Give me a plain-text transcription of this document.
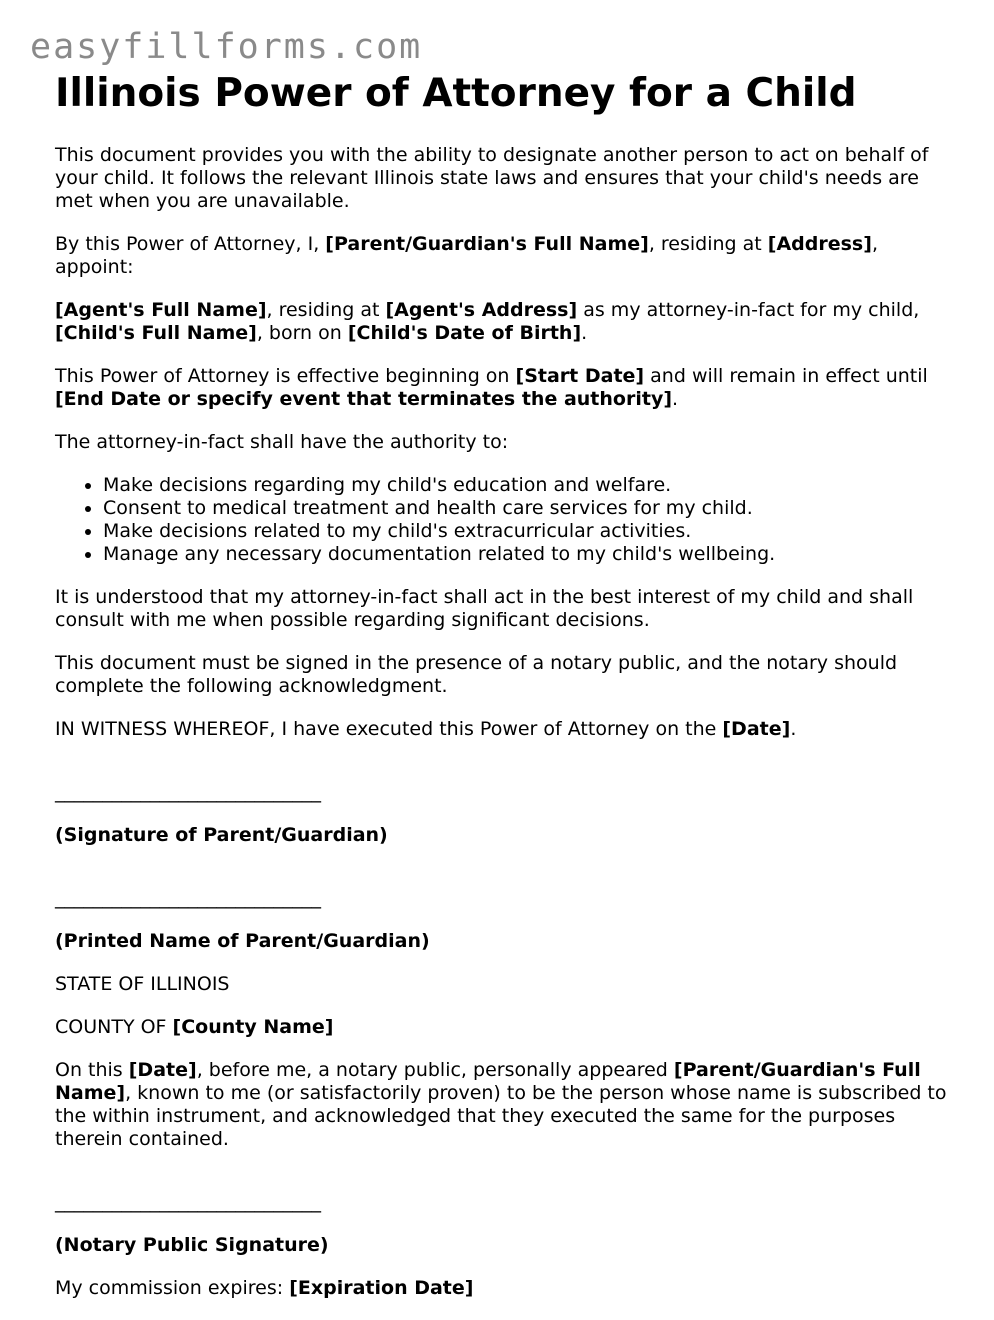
easyfillforms.com
Illinois Power of Attorney for a Child

This document provides you with the ability to designate another person to act on behalf of your child. It follows the relevant Illinois state laws and ensures that your child's needs are met when you are unavailable.

By this Power of Attorney, I, [Parent/Guardian's Full Name], residing at [Address], appoint:

[Agent's Full Name], residing at [Agent's Address] as my attorney-in-fact for my child, [Child's Full Name], born on [Child's Date of Birth].

This Power of Attorney is effective beginning on [Start Date] and will remain in effect until [End Date or specify event that terminates the authority].

The attorney-in-fact shall have the authority to:

• Make decisions regarding my child's education and welfare.
• Consent to medical treatment and health care services for my child.
• Make decisions related to my child's extracurricular activities.
• Manage any necessary documentation related to my child's wellbeing.

It is understood that my attorney-in-fact shall act in the best interest of my child and shall consult with me when possible regarding significant decisions.

This document must be signed in the presence of a notary public, and the notary should complete the following acknowledgment.

IN WITNESS WHEREOF, I have executed this Power of Attorney on the [Date].

____________________________
(Signature of Parent/Guardian)
____________________________
(Printed Name of Parent/Guardian)

STATE OF ILLINOIS

COUNTY OF [County Name]

On this [Date], before me, a notary public, personally appeared [Parent/Guardian's Full Name], known to me (or satisfactorily proven) to be the person whose name is subscribed to the within instrument, and acknowledged that they executed the same for the purposes therein contained.

____________________________
(Notary Public Signature)

My commission expires: [Expiration Date]
